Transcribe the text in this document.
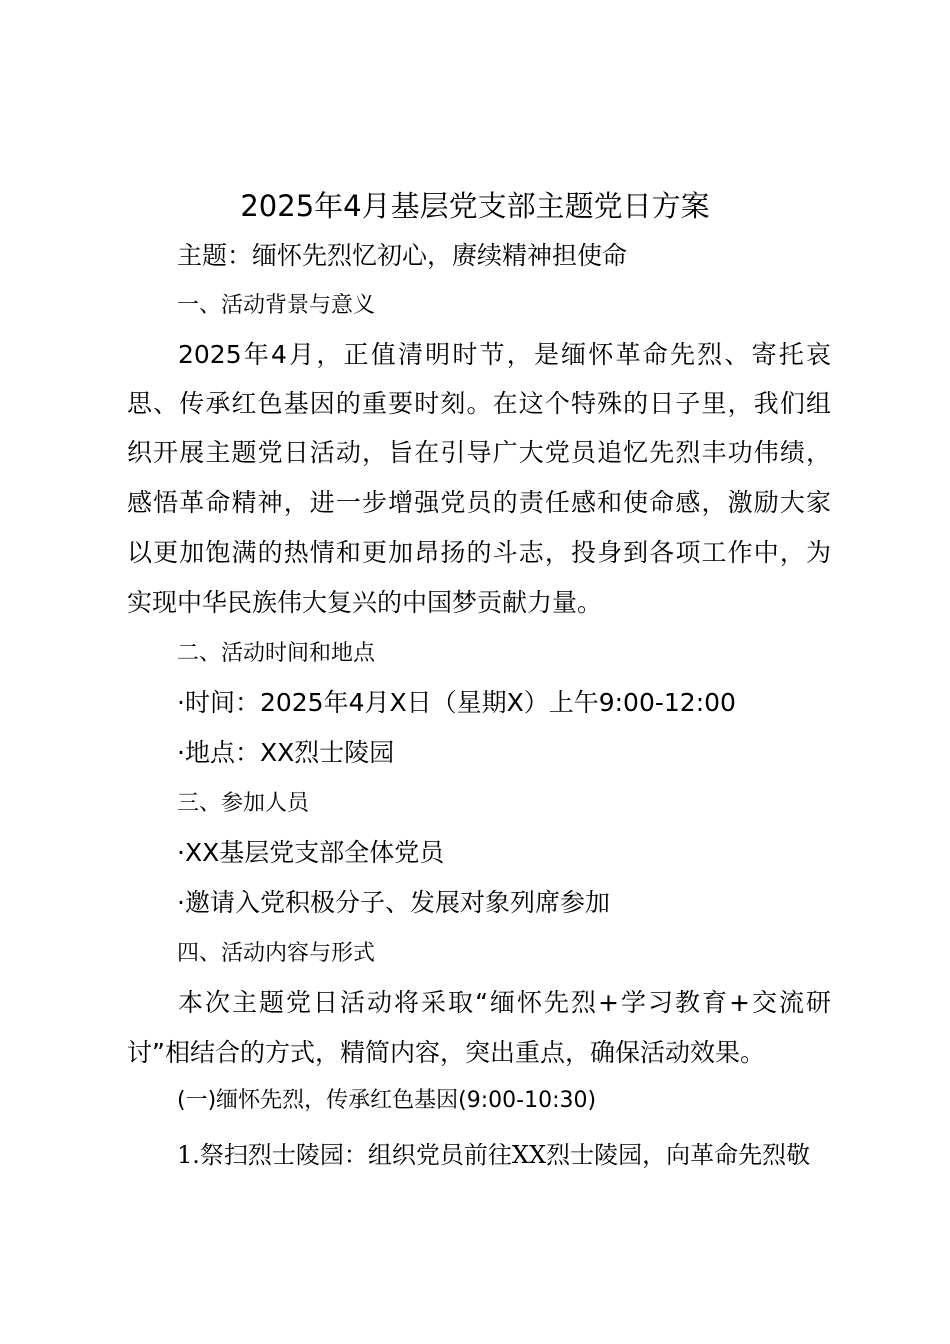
2025年4月基层党支部主题党日方案

主题：缅怀先烈忆初心，赓续精神担使命

一、活动背景与意义

2025年4月，正值清明时节，是缅怀革命先烈、寄托哀

思、传承红色基因的重要时刻。在这个特殊的日子里，我们组

织开展主题党日活动，旨在引导广大党员追忆先烈丰功伟绩，

感悟革命精神，进一步增强党员的责任感和使命感，激励大家

以更加饱满的热情和更加昂扬的斗志，投身到各项工作中，为

实现中华民族伟大复兴的中国梦贡献力量。

二、活动时间和地点

·时间：2025年4月X日（星期X）上午9:00-12:00

·地点：XX烈士陵园

三、参加人员

·XX基层党支部全体党员

·邀请入党积极分子、发展对象列席参加

四、活动内容与形式

本次主题党日活动将采取“缅怀先烈+学习教育+交流研

讨”相结合的方式，精简内容，突出重点，确保活动效果。

(一)缅怀先烈，传承红色基因(9:00-10:30)

1.祭扫烈士陵园：组织党员前往XX烈士陵园，向革命先烈敬
